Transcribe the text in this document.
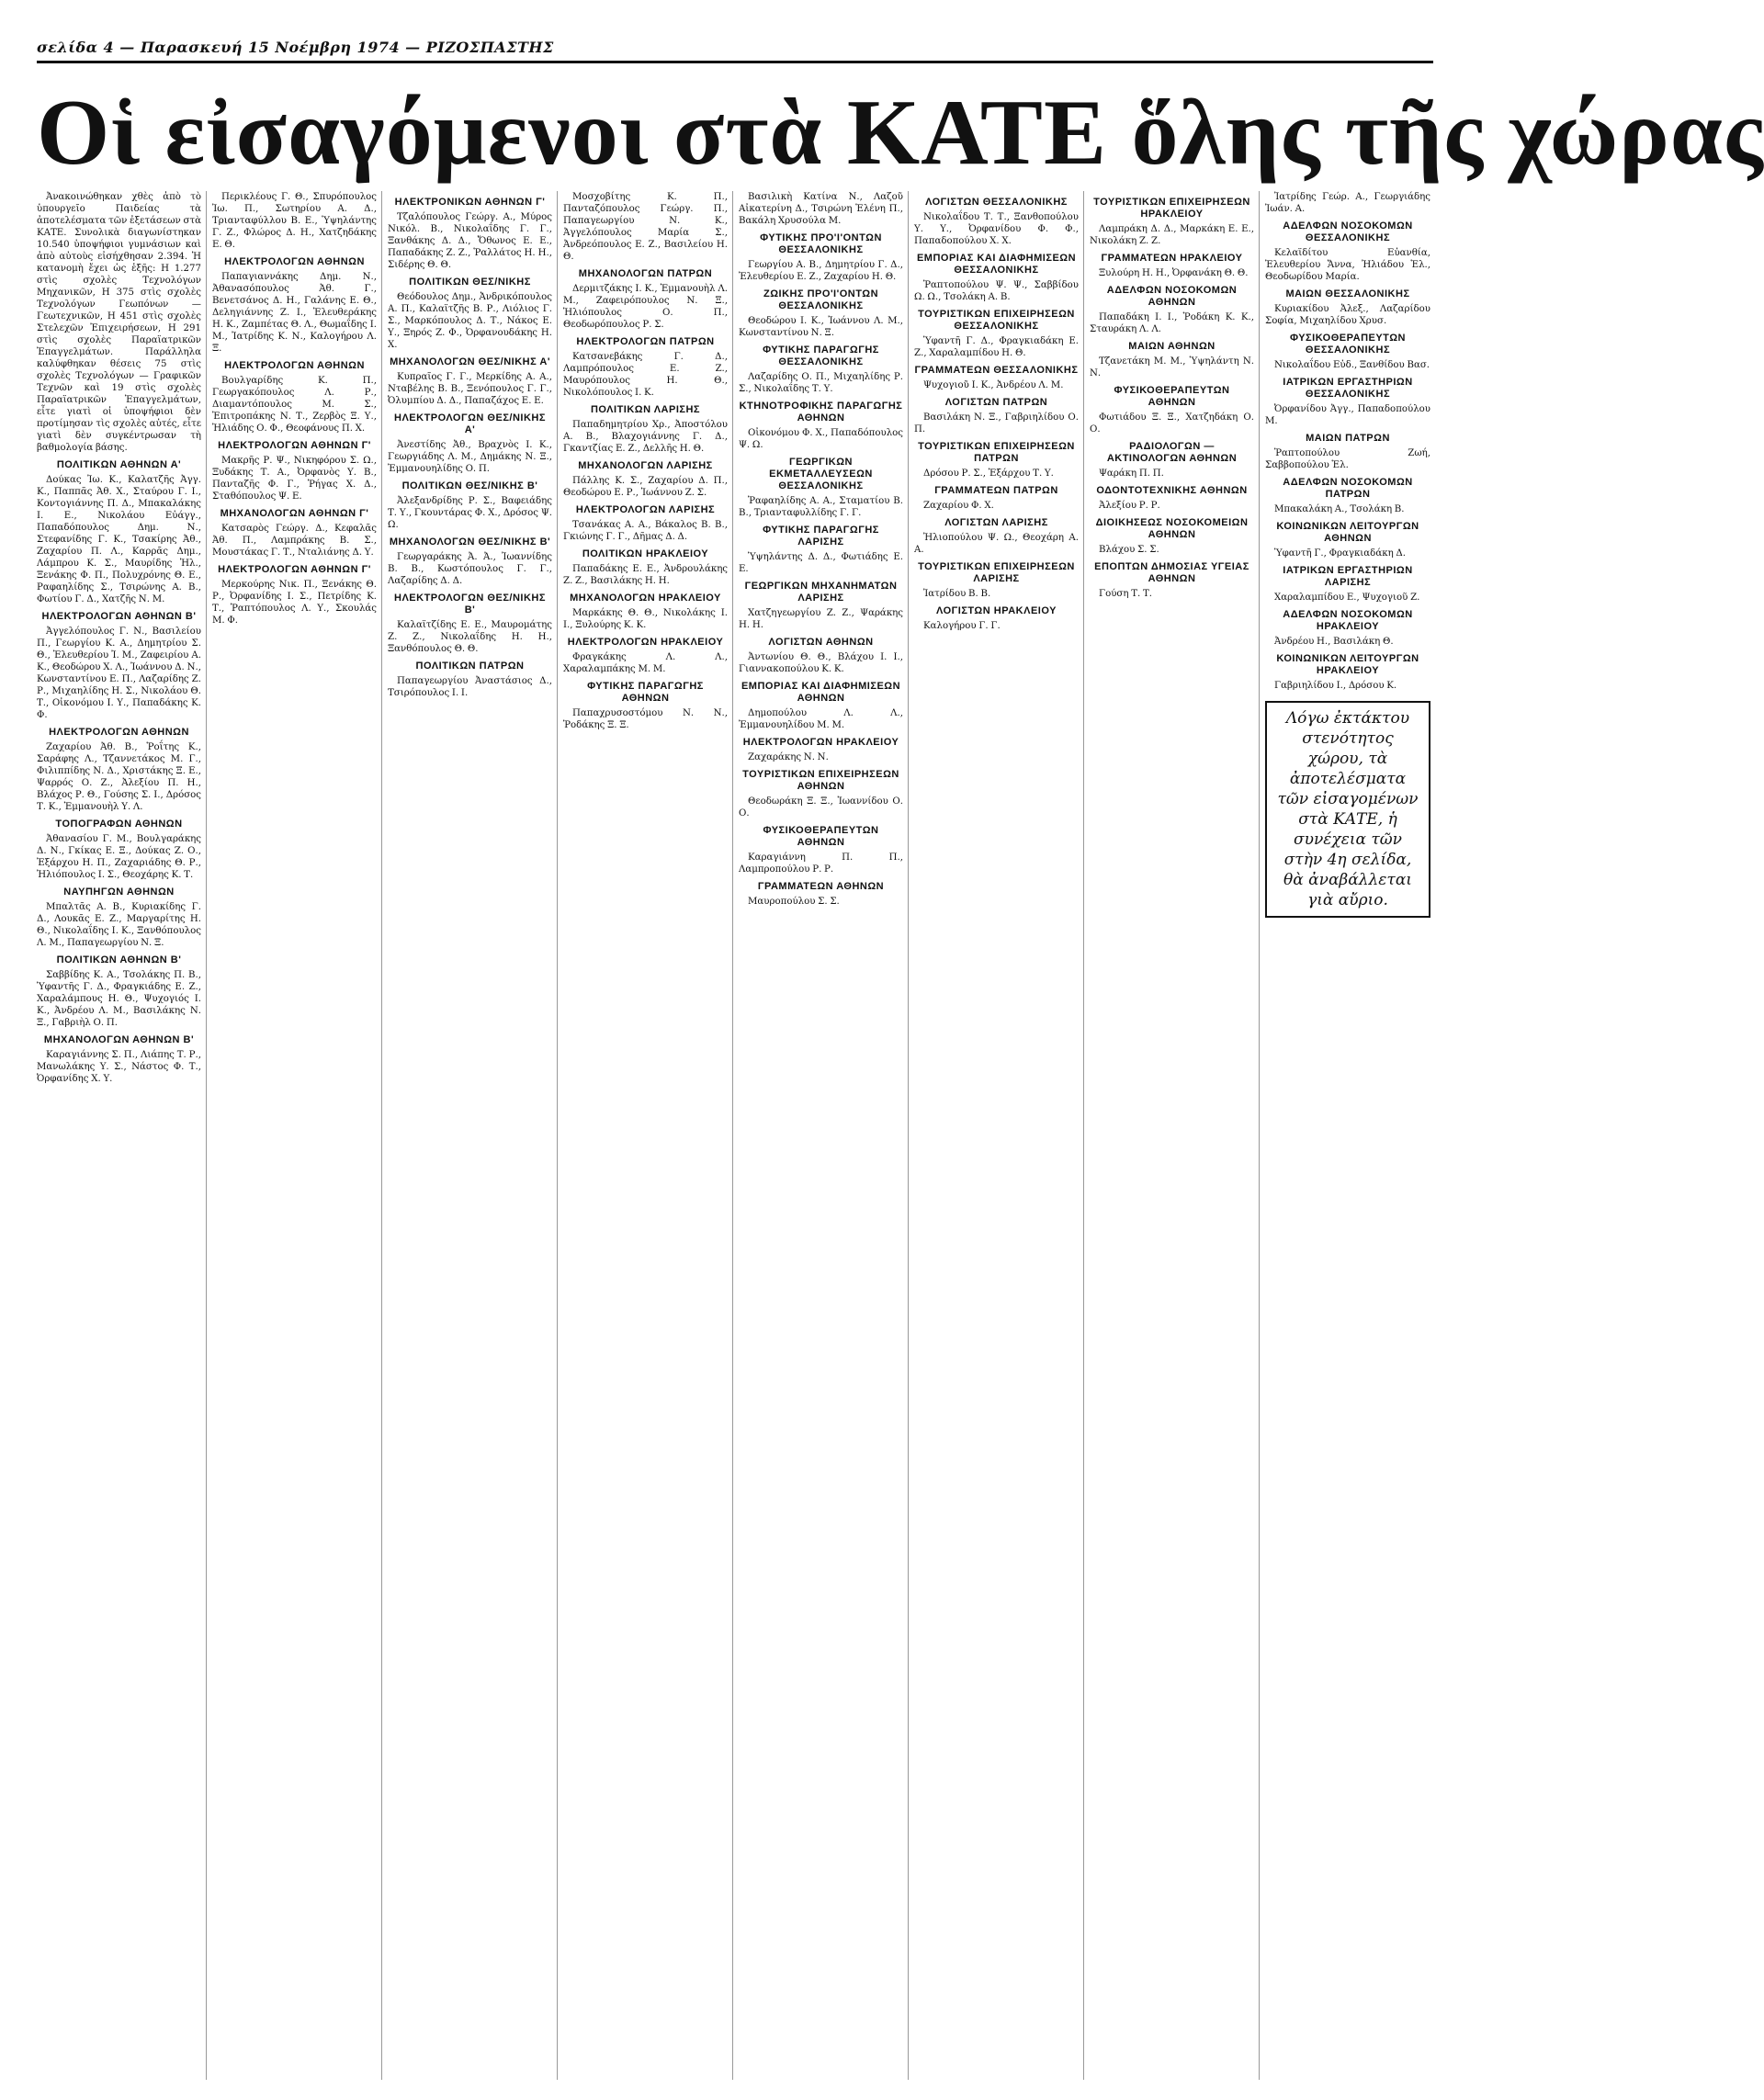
σελίδα 4 — Παρασκευή 15 Νοέμβρη 1974 — ΡΙΖΟΣΠΑΣΤΗΣ
Οἱ εἰσαγόμενοι στὰ ΚΑΤΕ ὅλης τῆς χώρας

Ἀνακοινώθηκαν χθὲς ἀπὸ τὸ ὑπουργεῖο Παιδείας τὰ ἀποτελέσματα τῶν ἐξετάσεων στὰ ΚΑΤΕ. Συνολικὰ διαγωνίστηκαν 10.540 ὑποψήφιοι γυμνάσιων καὶ ἀπὸ αὐτοὺς εἰσήχθησαν 2.394. Ἡ κατανομὴ ἔχει ὡς ἑξῆς: Η 1.277 στὶς σχολὲς Τεχνολόγων Μηχανικῶν, Η 375 στὶς σχολὲς Τεχνολόγων Γεωπόνων — Γεωτεχνικῶν, Η 451 στὶς σχολὲς Στελεχῶν Ἐπιχειρήσεων, Η 291 στὶς σχολὲς Παραϊατρικῶν Ἐπαγγελμάτων. Παράλληλα καλύφθηκαν θέσεις 75 στὶς σχολὲς Τεχνολόγων — Γραφικῶν Τεχνῶν καὶ 19 στὶς σχολὲς Παραϊατρικῶν Ἐπαγγελμάτων, εἶτε γιατὶ οἱ ὑποψήφιοι δὲν προτίμησαν τὶς σχολὲς αὐτές, εἶτε γιατὶ δὲν συγκέντρωσαν τὴ βαθμολογία βάσης.

ΠΟΛΙΤΙΚΩΝ ΑΘΗΝΩΝ Α'

Δούκας Ἰω. Κ., Καλατζῆς Ἀγγ. Κ., Παππᾶς Ἀθ. Χ., Σταύρου Γ. Ι., Κοντογιάννης Π. Δ., Μπακαλάκης Ι. Ε., Νικολάου Εὐάγγ., Παπαδόπουλος Δημ. Ν., Στεφανίδης Γ. Κ., Τσακίρης Ἀθ., Ζαχαρίου Π. Λ., Καρρᾶς Δημ., Λάμπρου Κ. Σ., Μαυρίδης Ἠλ., Ξενάκης Φ. Π., Πολυχρόνης Θ. Ε., Ραφαηλίδης Σ., Τσιρώνης Α. Β., Φωτίου Γ. Δ., Χατζῆς Ν. Μ.

ΗΛΕΚΤΡΟΛΟΓΩΝ ΑΘΗΝΩΝ Β'

Ἀγγελόπουλος Γ. Ν., Βασιλείου Π., Γεωργίου Κ. Α., Δημητρίου Σ. Θ., Ἐλευθερίου Ἰ. Μ., Ζαφειρίου Α. Κ., Θεοδώρου Χ. Λ., Ἰωάννου Δ. Ν., Κωνσταντίνου Ε. Π., Λαζαρίδης Ζ. Ρ., Μιχαηλίδης Η. Σ., Νικολάου Θ. Τ., Οἰκονόμου Ι. Υ., Παπαδάκης Κ. Φ.

ΗΛΕΚΤΡΟΛΟΓΩΝ ΑΘΗΝΩΝ

Ζαχαρίου Ἀθ. Β., Ῥοΐτης Κ., Σαράφης Λ., Τζαννετάκος Μ. Γ., Φιλιππίδης Ν. Δ., Χριστάκης Ξ. Ε., Ψαρρός Ο. Ζ., Ἀλεξίου Π. Η., Βλάχος Ρ. Θ., Γούσης Σ. Ι., Δρόσος Τ. Κ., Ἐμμανουὴλ Υ. Λ.

ΤΟΠΟΓΡΑΦΩΝ ΑΘΗΝΩΝ

Ἀθανασίου Γ. Μ., Βουλγαράκης Δ. Ν., Γκίκας Ε. Ξ., Δούκας Ζ. Ο., Ἐξάρχου Η. Π., Ζαχαριάδης Θ. Ρ., Ἠλιόπουλος Ι. Σ., Θεοχάρης Κ. Τ.

ΝΑΥΠΗΓΩΝ ΑΘΗΝΩΝ

Μπαλτᾶς Α. Β., Κυριακίδης Γ. Δ., Λουκᾶς Ε. Ζ., Μαργαρίτης Η. Θ., Νικολαΐδης Ι. Κ., Ξανθόπουλος Λ. Μ., Παπαγεωργίου Ν. Ξ.

ΠΟΛΙΤΙΚΩΝ ΑΘΗΝΩΝ Β'

Σαββίδης Κ. Α., Τσολάκης Π. Β., Ὑφαντῆς Γ. Δ., Φραγκιάδης Ε. Ζ., Χαραλάμπους Η. Θ., Ψυχογιός Ι. Κ., Ἀνδρέου Λ. Μ., Βασιλάκης Ν. Ξ., Γαβριὴλ Ο. Π.

ΜΗΧΑΝΟΛΟΓΩΝ ΑΘΗΝΩΝ Β'

Καραγιάννης Σ. Π., Λιάπης Τ. Ρ., Μανωλάκης Υ. Σ., Νάστος Φ. Τ., Ὀρφανίδης Χ. Υ.

Περικλέους Γ. Θ., Σπυρόπουλος Ἰω. Π., Σωτηρίου Α. Δ., Τριανταφύλλου Β. Ε., Ὑψηλάντης Γ. Ζ., Φλώρος Δ. Η., Χατζηδάκης Ε. Θ.

ΗΛΕΚΤΡΟΛΟΓΩΝ ΑΘΗΝΩΝ

Παπαγιαννάκης Δημ. Ν., Ἀθανασόπουλος Ἀθ. Γ., Βενετσάνος Δ. Η., Γαλάνης Ε. Θ., Δεληγιάννης Ζ. Ι., Ἐλευθεράκης Η. Κ., Ζαμπέτας Θ. Λ., Θωμαΐδης Ι. Μ., Ἰατρίδης Κ. Ν., Καλογήρου Λ. Ξ.

ΗΛΕΚΤΡΟΛΟΓΩΝ ΑΘΗΝΩΝ

Βουλγαρίδης Κ. Π., Γεωργακόπουλος Λ. Ρ., Διαμαντόπουλος Μ. Σ., Ἐπιτροπάκης Ν. Τ., Ζερβὸς Ξ. Υ., Ἠλιάδης Ο. Φ., Θεοφάνους Π. Χ.

ΗΛΕΚΤΡΟΛΟΓΩΝ ΑΘΗΝΩΝ Γ'

Μακρῆς Ρ. Ψ., Νικηφόρου Σ. Ω., Ξυδάκης Τ. Α., Ὀρφανὸς Υ. Β., Πανταζῆς Φ. Γ., Ῥήγας Χ. Δ., Σταθόπουλος Ψ. Ε.

ΜΗΧΑΝΟΛΟΓΩΝ ΑΘΗΝΩΝ Γ'

Κατσαρὸς Γεώργ. Δ., Κεφαλᾶς Ἀθ. Π., Λαμπράκης Β. Σ., Μουστάκας Γ. Τ., Νταλιάνης Δ. Υ.

ΗΛΕΚΤΡΟΛΟΓΩΝ ΑΘΗΝΩΝ Γ'

Μερκούρης Νικ. Π., Ξενάκης Θ. Ρ., Ὀρφανίδης Ι. Σ., Πετρίδης Κ. Τ., Ῥαπτόπουλος Λ. Υ., Σκουλάς Μ. Φ.

ΗΛΕΚΤΡΟΝΙΚΩΝ ΑΘΗΝΩΝ Γ'

Τζαλόπουλος Γεώργ. Α., Μύρος Νικόλ. Β., Νικολαΐδης Γ. Γ., Ξανθάκης Δ. Δ., Ὄθωνος Ε. Ε., Παπαδάκης Ζ. Ζ., Ῥαλλάτος Η. Η., Σιδέρης Θ. Θ.

ΠΟΛΙΤΙΚΩΝ ΘΕΣ/ΝΙΚΗΣ

Θεόδουλος Δημ., Ἀνδρικόπουλος Α. Π., Καλαϊτζῆς Β. Ρ., Λιόλιος Γ. Σ., Μαρκόπουλος Δ. Τ., Νάκος Ε. Υ., Ξηρός Ζ. Φ., Ὀρφανουδάκης Η. Χ.

ΜΗΧΑΝΟΛΟΓΩΝ ΘΕΣ/ΝΙΚΗΣ Α'

Κυπραῖος Γ. Γ., Μερκίδης Α. Α., Νταβέλης Β. Β., Ξενόπουλος Γ. Γ., Ὀλυμπίου Δ. Δ., Παπαζάχος Ε. Ε.

ΗΛΕΚΤΡΟΛΟΓΩΝ ΘΕΣ/ΝΙΚΗΣ Α'

Ἀνεστίδης Ἀθ., Βραχνὸς Ι. Κ., Γεωργιάδης Λ. Μ., Δημάκης Ν. Ξ., Ἐμμανουηλίδης Ο. Π.

ΠΟΛΙΤΙΚΩΝ ΘΕΣ/ΝΙΚΗΣ Β'

Ἀλεξανδρίδης Ρ. Σ., Βαφειάδης Τ. Υ., Γκουντάρας Φ. Χ., Δρόσος Ψ. Ω.

ΜΗΧΑΝΟΛΟΓΩΝ ΘΕΣ/ΝΙΚΗΣ Β'

Γεωργαράκης Ἀ. Ἀ., Ἰωαννίδης Β. Β., Κωστόπουλος Γ. Γ., Λαζαρίδης Δ. Δ.

ΗΛΕΚΤΡΟΛΟΓΩΝ ΘΕΣ/ΝΙΚΗΣ Β'

Καλαϊτζίδης Ε. Ε., Μαυρομάτης Ζ. Ζ., Νικολαΐδης Η. Η., Ξανθόπουλος Θ. Θ.

ΠΟΛΙΤΙΚΩΝ ΠΑΤΡΩΝ

Παπαγεωργίου Ἀναστάσιος Δ., Τσιρόπουλος Ι. Ι.

Μοσχοβίτης Κ. Π., Πανταζόπουλος Γεώργ. Π., Παπαγεωργίου Ν. Κ., Ἀγγελόπουλος Μαρία Σ., Ἀνδρεόπουλος Ε. Ζ., Βασιλείου Η. Θ.

ΜΗΧΑΝΟΛΟΓΩΝ ΠΑΤΡΩΝ

Δερμιτζάκης Ι. Κ., Ἐμμανουὴλ Λ. Μ., Ζαφειρόπουλος Ν. Ξ., Ἡλιόπουλος Ο. Π., Θεοδωρόπουλος Ρ. Σ.

ΗΛΕΚΤΡΟΛΟΓΩΝ ΠΑΤΡΩΝ

Κατσανεβάκης Γ. Δ., Λαμπρόπουλος Ε. Ζ., Μαυρόπουλος Η. Θ., Νικολόπουλος Ι. Κ.

ΠΟΛΙΤΙΚΩΝ ΛΑΡΙΣΗΣ

Παπαδημητρίου Χρ., Ἀποστόλου Α. Β., Βλαχογιάννης Γ. Δ., Γκαντζίας Ε. Ζ., Δελλῆς Η. Θ.

ΜΗΧΑΝΟΛΟΓΩΝ ΛΑΡΙΣΗΣ

Πάλλης Κ. Σ., Ζαχαρίου Δ. Π., Θεοδώρου Ε. Ρ., Ἰωάννου Ζ. Σ.

ΗΛΕΚΤΡΟΛΟΓΩΝ ΛΑΡΙΣΗΣ

Τσανάκας Α. Α., Βάκαλος Β. Β., Γκιώνης Γ. Γ., Δῆμας Δ. Δ.

ΠΟΛΙΤΙΚΩΝ ΗΡΑΚΛΕΙΟΥ

Παπαδάκης Ε. Ε., Ἀνδρουλάκης Ζ. Ζ., Βασιλάκης Η. Η.

ΜΗΧΑΝΟΛΟΓΩΝ ΗΡΑΚΛΕΙΟΥ

Μαρκάκης Θ. Θ., Νικολάκης Ι. Ι., Ξυλούρης Κ. Κ.

ΗΛΕΚΤΡΟΛΟΓΩΝ ΗΡΑΚΛΕΙΟΥ

Φραγκάκης Λ. Λ., Χαραλαμπάκης Μ. Μ.

ΦΥΤΙΚΗΣ ΠΑΡΑΓΩΓΗΣ ΑΘΗΝΩΝ

Παπαχρυσοστόμου Ν. Ν., Ῥοδάκης Ξ. Ξ.

Βασιλικὴ Κατίνα Ν., Λαζοῦ Αἰκατερίνη Δ., Τσιρώνη Ἑλένη Π., Βακάλη Χρυσούλα Μ.

ΦΥΤΙΚΗΣ ΠΡΟ'Ι'ΟΝΤΩΝ ΘΕΣΣΑΛΟΝΙΚΗΣ

Γεωργίου Α. Β., Δημητρίου Γ. Δ., Ἐλευθερίου Ε. Ζ., Ζαχαρίου Η. Θ.

ΖΩΙΚΗΣ ΠΡΟ'Ι'ΟΝΤΩΝ ΘΕΣΣΑΛΟΝΙΚΗΣ

Θεοδώρου Ι. Κ., Ἰωάννου Λ. Μ., Κωνσταντίνου Ν. Ξ.

ΦΥΤΙΚΗΣ ΠΑΡΑΓΩΓΗΣ ΘΕΣΣΑΛΟΝΙΚΗΣ

Λαζαρίδης Ο. Π., Μιχαηλίδης Ρ. Σ., Νικολαΐδης Τ. Υ.

ΚΤΗΝΟΤΡΟΦΙΚΗΣ ΠΑΡΑΓΩΓΗΣ ΑΘΗΝΩΝ

Οἰκονόμου Φ. Χ., Παπαδόπουλος Ψ. Ω.

ΓΕΩΡΓΙΚΩΝ ΕΚΜΕΤΑΛΛΕΥΣΕΩΝ ΘΕΣΣΑΛΟΝΙΚΗΣ

Ῥαφαηλίδης Α. Α., Σταματίου Β. Β., Τριανταφυλλίδης Γ. Γ.

ΦΥΤΙΚΗΣ ΠΑΡΑΓΩΓΗΣ ΛΑΡΙΣΗΣ

Ὑψηλάντης Δ. Δ., Φωτιάδης Ε. Ε.

ΓΕΩΡΓΙΚΩΝ ΜΗΧΑΝΗΜΑΤΩΝ ΛΑΡΙΣΗΣ

Χατζηγεωργίου Ζ. Ζ., Ψαράκης Η. Η.

ΛΟΓΙΣΤΩΝ ΑΘΗΝΩΝ

Ἀντωνίου Θ. Θ., Βλάχου Ι. Ι., Γιαννακοπούλου Κ. Κ.

ΕΜΠΟΡΙΑΣ ΚΑΙ ΔΙΑΦΗΜΙΣΕΩΝ ΑΘΗΝΩΝ

Δημοπούλου Λ. Λ., Ἐμμανουηλίδου Μ. Μ.

ΗΛΕΚΤΡΟΛΟΓΩΝ ΗΡΑΚΛΕΙΟΥ

Ζαχαράκης Ν. Ν.

ΤΟΥΡΙΣΤΙΚΩΝ ΕΠΙΧΕΙΡΗΣΕΩΝ ΑΘΗΝΩΝ

Θεοδωράκη Ξ. Ξ., Ἰωαννίδου Ο. Ο.

ΦΥΣΙΚΟΘΕΡΑΠΕΥΤΩΝ ΑΘΗΝΩΝ

Καραγιάννη Π. Π., Λαμπροπούλου Ρ. Ρ.

ΓΡΑΜΜΑΤΕΩΝ ΑΘΗΝΩΝ

Μαυροπούλου Σ. Σ.

ΛΟΓΙΣΤΩΝ ΘΕΣΣΑΛΟΝΙΚΗΣ

Νικολαΐδου Τ. Τ., Ξανθοπούλου Υ. Υ., Ὀρφανίδου Φ. Φ., Παπαδοπούλου Χ. Χ.

ΕΜΠΟΡΙΑΣ ΚΑΙ ΔΙΑΦΗΜΙΣΕΩΝ ΘΕΣΣΑΛΟΝΙΚΗΣ

Ῥαπτοπούλου Ψ. Ψ., Σαββίδου Ω. Ω., Τσολάκη Α. Β.

ΤΟΥΡΙΣΤΙΚΩΝ ΕΠΙΧΕΙΡΗΣΕΩΝ ΘΕΣΣΑΛΟΝΙΚΗΣ

Ὑφαντῆ Γ. Δ., Φραγκιαδάκη Ε. Ζ., Χαραλαμπίδου Η. Θ.

ΓΡΑΜΜΑΤΕΩΝ ΘΕΣΣΑΛΟΝΙΚΗΣ

Ψυχογιοῦ Ι. Κ., Ἀνδρέου Λ. Μ.

ΛΟΓΙΣΤΩΝ ΠΑΤΡΩΝ

Βασιλάκη Ν. Ξ., Γαβριηλίδου Ο. Π.

ΤΟΥΡΙΣΤΙΚΩΝ ΕΠΙΧΕΙΡΗΣΕΩΝ ΠΑΤΡΩΝ

Δρόσου Ρ. Σ., Ἐξάρχου Τ. Υ.

ΓΡΑΜΜΑΤΕΩΝ ΠΑΤΡΩΝ

Ζαχαρίου Φ. Χ.

ΛΟΓΙΣΤΩΝ ΛΑΡΙΣΗΣ

Ἠλιοπούλου Ψ. Ω., Θεοχάρη Α. Α.

ΤΟΥΡΙΣΤΙΚΩΝ ΕΠΙΧΕΙΡΗΣΕΩΝ ΛΑΡΙΣΗΣ

Ἰατρίδου Β. Β.

ΛΟΓΙΣΤΩΝ ΗΡΑΚΛΕΙΟΥ

Καλογήρου Γ. Γ.

ΤΟΥΡΙΣΤΙΚΩΝ ΕΠΙΧΕΙΡΗΣΕΩΝ ΗΡΑΚΛΕΙΟΥ

Λαμπράκη Δ. Δ., Μαρκάκη Ε. Ε., Νικολάκη Ζ. Ζ.

ΓΡΑΜΜΑΤΕΩΝ ΗΡΑΚΛΕΙΟΥ

Ξυλούρη Η. Η., Ὀρφανάκη Θ. Θ.

ΑΔΕΛΦΩΝ ΝΟΣΟΚΟΜΩΝ ΑΘΗΝΩΝ

Παπαδάκη Ι. Ι., Ῥοδάκη Κ. Κ., Σταυράκη Λ. Λ.

ΜΑΙΩΝ ΑΘΗΝΩΝ

Τζανετάκη Μ. Μ., Ὑψηλάντη Ν. Ν.

ΦΥΣΙΚΟΘΕΡΑΠΕΥΤΩΝ ΑΘΗΝΩΝ

Φωτιάδου Ξ. Ξ., Χατζηδάκη Ο. Ο.

ΡΑΔΙΟΛΟΓΩΝ — ΑΚΤΙΝΟΛΟΓΩΝ ΑΘΗΝΩΝ

Ψαράκη Π. Π.

ΟΔΟΝΤΟΤΕΧΝΙΚΗΣ ΑΘΗΝΩΝ

Ἀλεξίου Ρ. Ρ.

ΔΙΟΙΚΗΣΕΩΣ ΝΟΣΟΚΟΜΕΙΩΝ ΑΘΗΝΩΝ

Βλάχου Σ. Σ.

ΕΠΟΠΤΩΝ ΔΗΜΟΣΙΑΣ ΥΓΕΙΑΣ ΑΘΗΝΩΝ

Γούση Τ. Τ.

Ἰατρίδης Γεώρ. Α., Γεωργιάδης Ἰωάν. Α.

ΑΔΕΛΦΩΝ ΝΟΣΟΚΟΜΩΝ ΘΕΣΣΑΛΟΝΙΚΗΣ

Κελαϊδίτου Εὐανθία, Ἐλευθερίου Ἄννα, Ἠλιάδου Ἑλ., Θεοδωρίδου Μαρία.

ΜΑΙΩΝ ΘΕΣΣΑΛΟΝΙΚΗΣ

Κυριακίδου Ἀλεξ., Λαζαρίδου Σοφία, Μιχαηλίδου Χρυσ.

ΦΥΣΙΚΟΘΕΡΑΠΕΥΤΩΝ ΘΕΣΣΑΛΟΝΙΚΗΣ

Νικολαΐδου Εὐδ., Ξανθίδου Βασ.

ΙΑΤΡΙΚΩΝ ΕΡΓΑΣΤΗΡΙΩΝ ΘΕΣΣΑΛΟΝΙΚΗΣ

Ὀρφανίδου Ἀγγ., Παπαδοπούλου Μ.

ΜΑΙΩΝ ΠΑΤΡΩΝ

Ῥαπτοπούλου Ζωή, Σαββοπούλου Ἑλ.

ΑΔΕΛΦΩΝ ΝΟΣΟΚΟΜΩΝ ΠΑΤΡΩΝ

Μπακαλάκη Α., Τσολάκη Β.

ΚΟΙΝΩΝΙΚΩΝ ΛΕΙΤΟΥΡΓΩΝ ΑΘΗΝΩΝ

Ὑφαντῆ Γ., Φραγκιαδάκη Δ.

ΙΑΤΡΙΚΩΝ ΕΡΓΑΣΤΗΡΙΩΝ ΛΑΡΙΣΗΣ

Χαραλαμπίδου Ε., Ψυχογιοῦ Ζ.

ΑΔΕΛΦΩΝ ΝΟΣΟΚΟΜΩΝ ΗΡΑΚΛΕΙΟΥ

Ἀνδρέου Η., Βασιλάκη Θ.

ΚΟΙΝΩΝΙΚΩΝ ΛΕΙΤΟΥΡΓΩΝ ΗΡΑΚΛΕΙΟΥ

Γαβριηλίδου Ι., Δρόσου Κ.

Λόγω ἐκτάκτου στενότητος χώρου, τὰ ἀποτελέσματα τῶν εἰσαγομένων στὰ ΚΑΤΕ, ἡ συνέχεια τῶν στὴν 4η σελίδα, θὰ ἀναβάλλεται γιὰ αὔριο.
